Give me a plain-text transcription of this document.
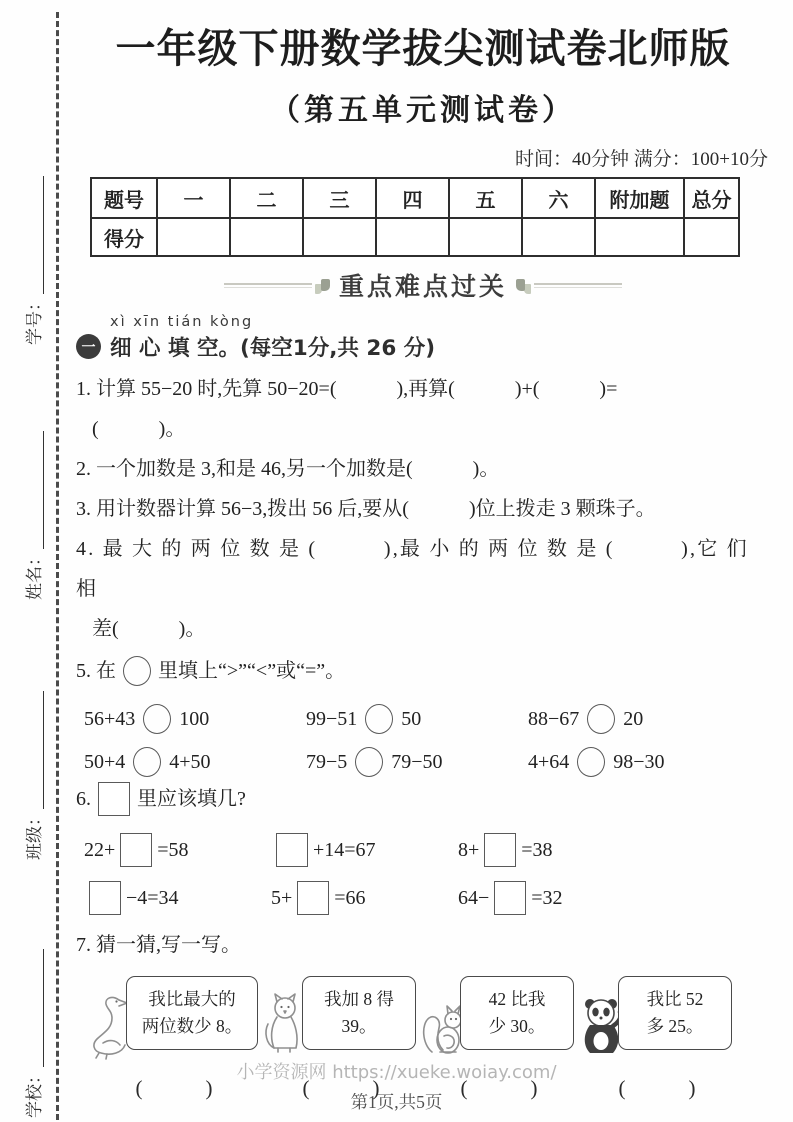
学号：
姓名：
班级：
学校：
一年级下册数学拔尖测试卷北师版
（第五单元测试卷）
时间：40分钟 满分：100+10分
题号	一	二	三	四	五	六	附加题	总分
得分								
重点难点过关
xì xīn tián kòng
一 细 心 填 空。(每空1分,共 26 分)
1. 计算 55−20 时,先算 50−20=(　　　),再算(　　　)+(　　　)=
(　　　)。
2. 一个加数是 3,和是 46,另一个加数是(　　　)。
3. 用计数器计算 56−3,拨出 56 后,要从(　　　)位上拨走 3 颗珠子。
4. 最 大 的 两 位 数 是 (　　　),最 小 的 两 位 数 是 (　　　),它 们 相
差(　　　)。
5. 在 里填上“>”“<”或“=”。
56+43 100	99−51 50	88−67 20
50+4 4+50	79−5 79−50	4+64 98−30
6. 里应该填几?
22+ =58	+14=67	8+ =38
−4=34	5+ =66	64− =32
7. 猜一猜,写一写。
我比最大的
两位数少 8。
我加 8 得 39。
42 比我
少 30。
我比 52
多 25。
(　　　)	(　　　)	(　　　)	(　　　)
小学资源网 https://xueke.woiay.com/
第1页,共5页
